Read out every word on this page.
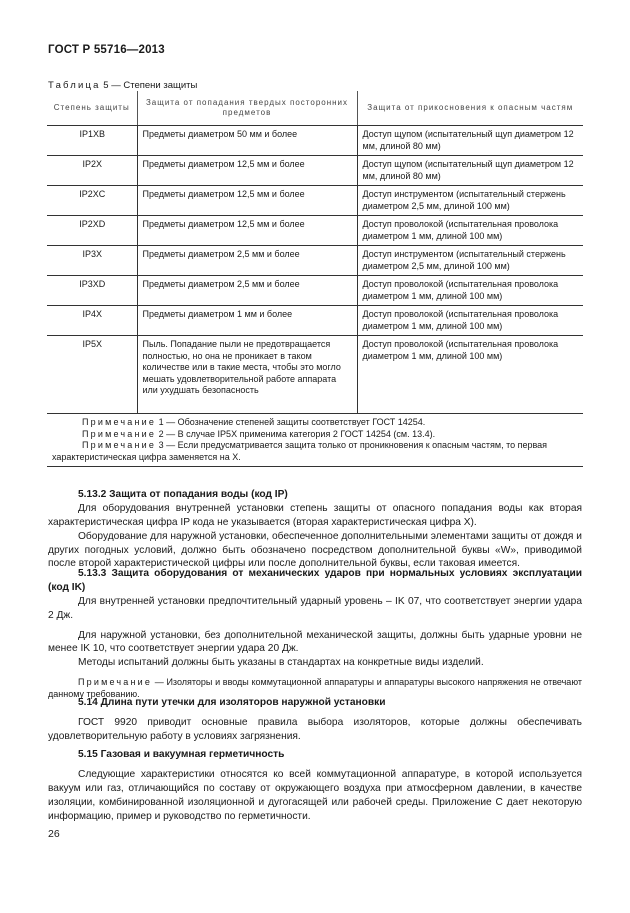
ГОСТ Р 55716—2013
Таблица 5 — Степени защиты
Степень защиты	Защита от попадания твердых посторонних предметов	Защита от прикосновения к опасным частям
IP1XB	Предметы диаметром 50 мм и более	Доступ щупом (испытательный щуп диаметром 12 мм, длиной 80 мм)
IP2X	Предметы диаметром 12,5 мм и более	Доступ щупом (испытательный щуп диаметром 12 мм, длиной 80 мм)
IP2XC	Предметы диаметром 12,5 мм и более	Доступ инструментом (испытательный стержень диаметром 2,5 мм, длиной 100 мм)
IP2XD	Предметы диаметром 12,5 мм и более	Доступ проволокой (испытательная проволока диаметром 1 мм, длиной 100 мм)
IP3X	Предметы диаметром 2,5 мм и более	Доступ инструментом (испытательный стержень диаметром 2,5 мм, длиной 100 мм)
IP3XD	Предметы диаметром 2,5 мм и более	Доступ проволокой (испытательная проволока диаметром 1 мм, длиной 100 мм)
IP4X	Предметы диаметром 1 мм и более	Доступ проволокой (испытательная проволока диаметром 1 мм, длиной 100 мм)
IP5X	Пыль. Попадание пыли не предотвращается полностью, но она не проникает в таком количестве или в такие места, чтобы это могло мешать удовлетворительной работе аппарата или ухудшать безопасность	Доступ проволокой (испытательная проволока диаметром 1 мм, длиной 100 мм)

Примечание 1 — Обозначение степеней защиты соответствует ГОСТ 14254.

Примечание 2 — В случае IP5X применима категория 2 ГОСТ 14254 (см. 13.4).

Примечание 3 — Если предусматривается защита только от проникновения к опасным частям, то первая характеристическая цифра заменяется на X.		

5.13.2 Защита от попадания воды (код IP)

Для оборудования внутренней установки степень защиты от опасного попадания воды как вторая характеристическая цифра IP кода не указывается (вторая характеристическая цифра X).

Оборудование для наружной установки, обеспеченное дополнительными элементами защиты от дождя и других погодных условий, должно быть обозначено посредством дополнительной буквы «W», приводимой после второй характеристической цифры или после дополнительной буквы, если таковая имеется.

5.13.3 Защита оборудования от механических ударов при нормальных условиях эксплуатации (код IK)

Для внутренней установки предпочтительный ударный уровень – IK 07, что соответствует энергии удара 2 Дж.

Для наружной установки, без дополнительной механической защиты, должны быть ударные уровни не менее IK 10, что соответствует энергии удара 20 Дж.

Методы испытаний должны быть указаны в стандартах на конкретные виды изделий.

Примечание — Изоляторы и вводы коммутационной аппаратуры и аппаратуры высокого напряжения не отвечают данному требованию.

5.14 Длина пути утечки для изоляторов наружной установки

ГОСТ 9920 приводит основные правила выбора изоляторов, которые должны обеспечивать удовлетворительную работу в условиях загрязнения.

5.15 Газовая и вакуумная герметичность

Следующие характеристики относятся ко всей коммутационной аппаратуре, в которой используется вакуум или газ, отличающийся по составу от окружающего воздуха при атмосферном давлении, в качестве изоляции, комбинированной изоляционной и дугогасящей или рабочей среды. Приложение С дает некоторую информацию, пример и руководство по герметичности.

26
